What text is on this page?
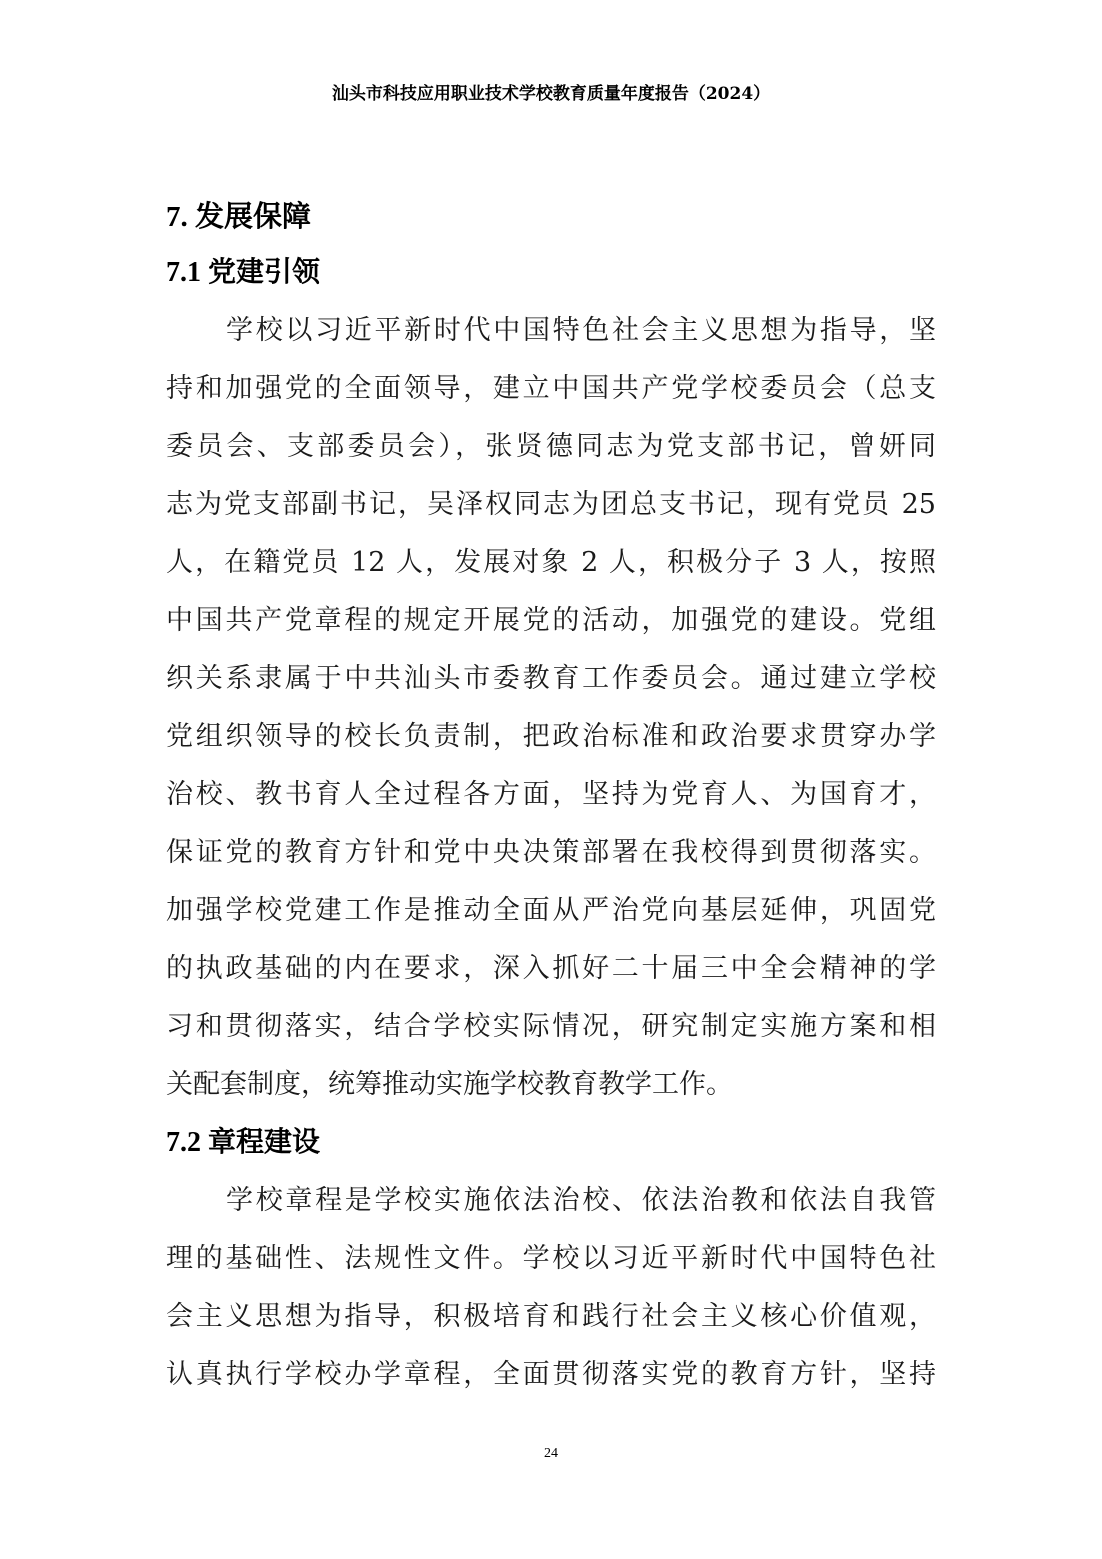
汕头市科技应用职业技术学校教育质量年度报告（2024）
7. 发展保障
7.1 党建引领
学校以习近平新时代中国特色社会主义思想为指导，坚
持和加强党的全面领导，建立中国共产党学校委员会（总支
委员会、支部委员会），张贤德同志为党支部书记，曾妍同
志为党支部副书记，吴泽权同志为团总支书记，现有党员 25
人，在籍党员 12 人，发展对象 2 人，积极分子 3 人，按照
中国共产党章程的规定开展党的活动，加强党的建设。党组
织关系隶属于中共汕头市委教育工作委员会。通过建立学校
党组织领导的校长负责制，把政治标准和政治要求贯穿办学
治校、教书育人全过程各方面，坚持为党育人、为国育才，
保证党的教育方针和党中央决策部署在我校得到贯彻落实。
加强学校党建工作是推动全面从严治党向基层延伸，巩固党
的执政基础的内在要求，深入抓好二十届三中全会精神的学
习和贯彻落实，结合学校实际情况，研究制定实施方案和相
关配套制度，统筹推动实施学校教育教学工作。
7.2 章程建设
学校章程是学校实施依法治校、依法治教和依法自我管
理的基础性、法规性文件。学校以习近平新时代中国特色社
会主义思想为指导，积极培育和践行社会主义核心价值观，
认真执行学校办学章程，全面贯彻落实党的教育方针，坚持
24
